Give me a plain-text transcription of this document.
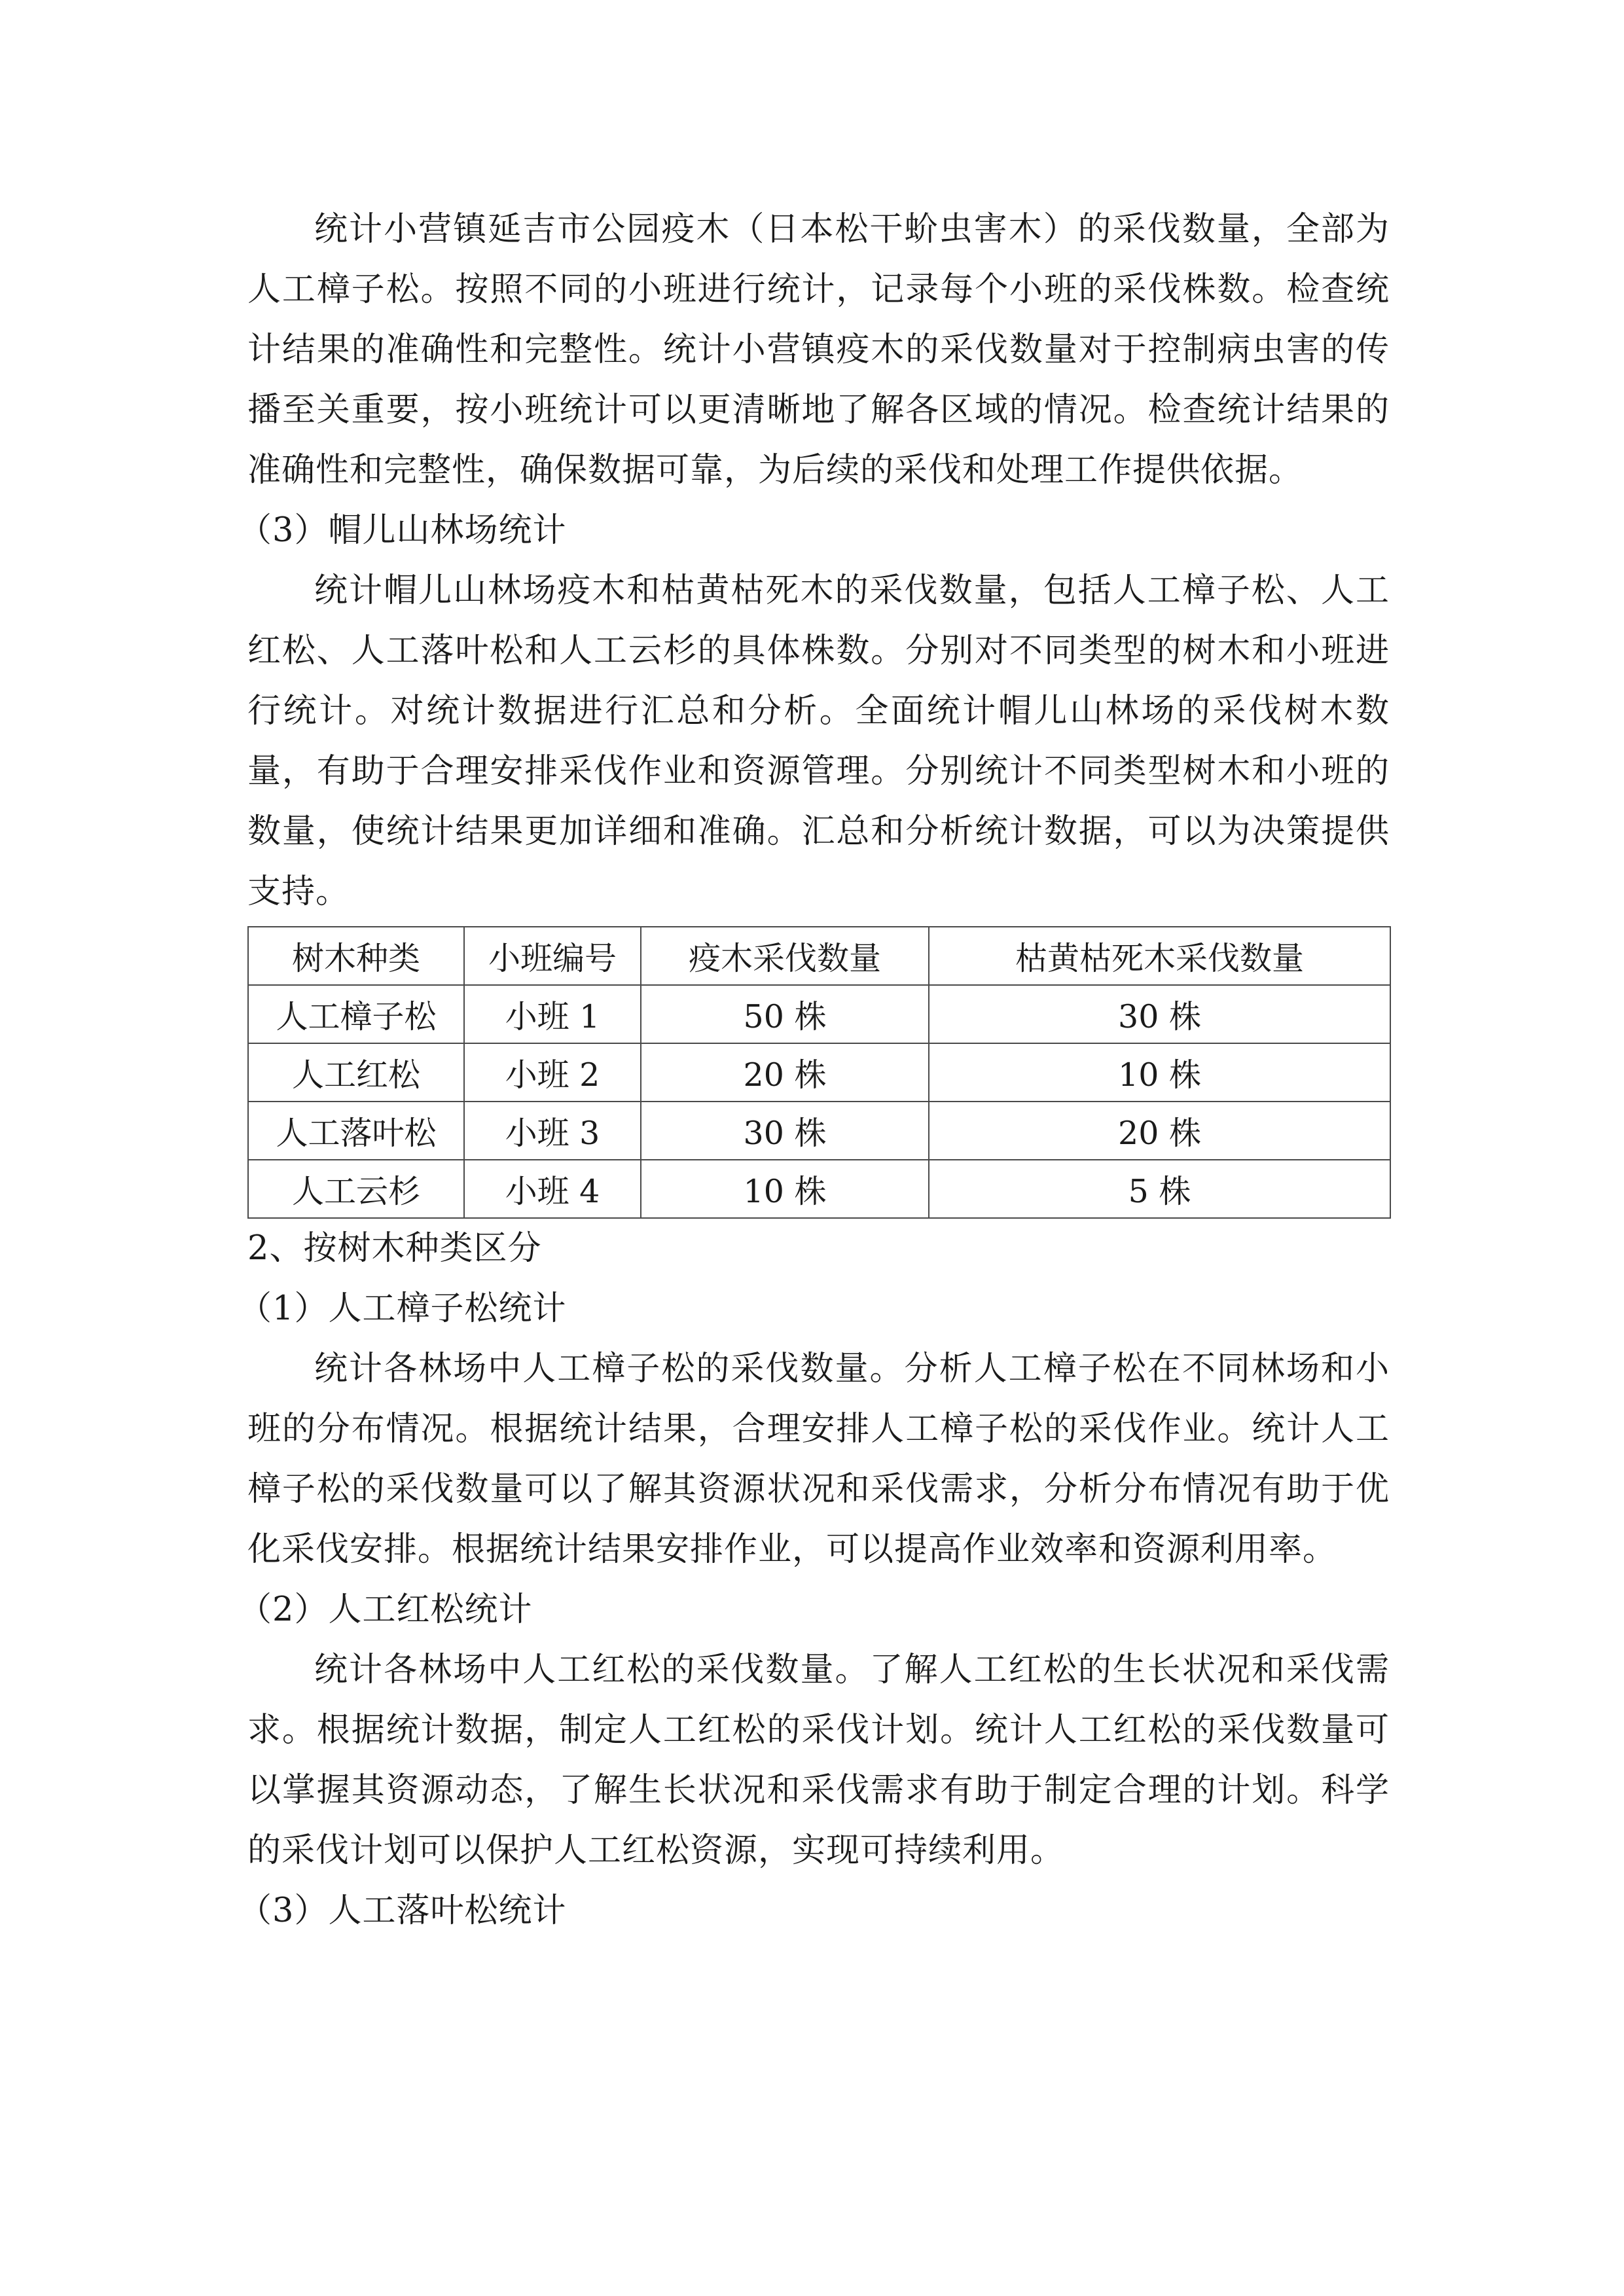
统计小营镇延吉市公园疫木（日本松干蚧虫害木）的采伐数量，全部为人工樟子松。按照不同的小班进行统计，记录每个小班的采伐株数。检查统计结果的准确性和完整性。统计小营镇疫木的采伐数量对于控制病虫害的传播至关重要，按小班统计可以更清晰地了解各区域的情况。检查统计结果的准确性和完整性，确保数据可靠，为后续的采伐和处理工作提供依据。

（3）帽儿山林场统计

统计帽儿山林场疫木和枯黄枯死木的采伐数量，包括人工樟子松、人工红松、人工落叶松和人工云杉的具体株数。分别对不同类型的树木和小班进行统计。对统计数据进行汇总和分析。全面统计帽儿山林场的采伐树木数量，有助于合理安排采伐作业和资源管理。分别统计不同类型树木和小班的数量，使统计结果更加详细和准确。汇总和分析统计数据，可以为决策提供支持。

树木种类	小班编号	疫木采伐数量	枯黄枯死木采伐数量
人工樟子松	小班 1	50 株	30 株
人工红松	小班 2	20 株	10 株
人工落叶松	小班 3	30 株	20 株
人工云杉	小班 4	10 株	5 株

2、按树木种类区分

（1）人工樟子松统计

统计各林场中人工樟子松的采伐数量。分析人工樟子松在不同林场和小班的分布情况。根据统计结果，合理安排人工樟子松的采伐作业。统计人工樟子松的采伐数量可以了解其资源状况和采伐需求，分析分布情况有助于优化采伐安排。根据统计结果安排作业，可以提高作业效率和资源利用率。

（2）人工红松统计

统计各林场中人工红松的采伐数量。了解人工红松的生长状况和采伐需求。根据统计数据，制定人工红松的采伐计划。统计人工红松的采伐数量可以掌握其资源动态，了解生长状况和采伐需求有助于制定合理的计划。科学的采伐计划可以保护人工红松资源，实现可持续利用。

（3）人工落叶松统计
